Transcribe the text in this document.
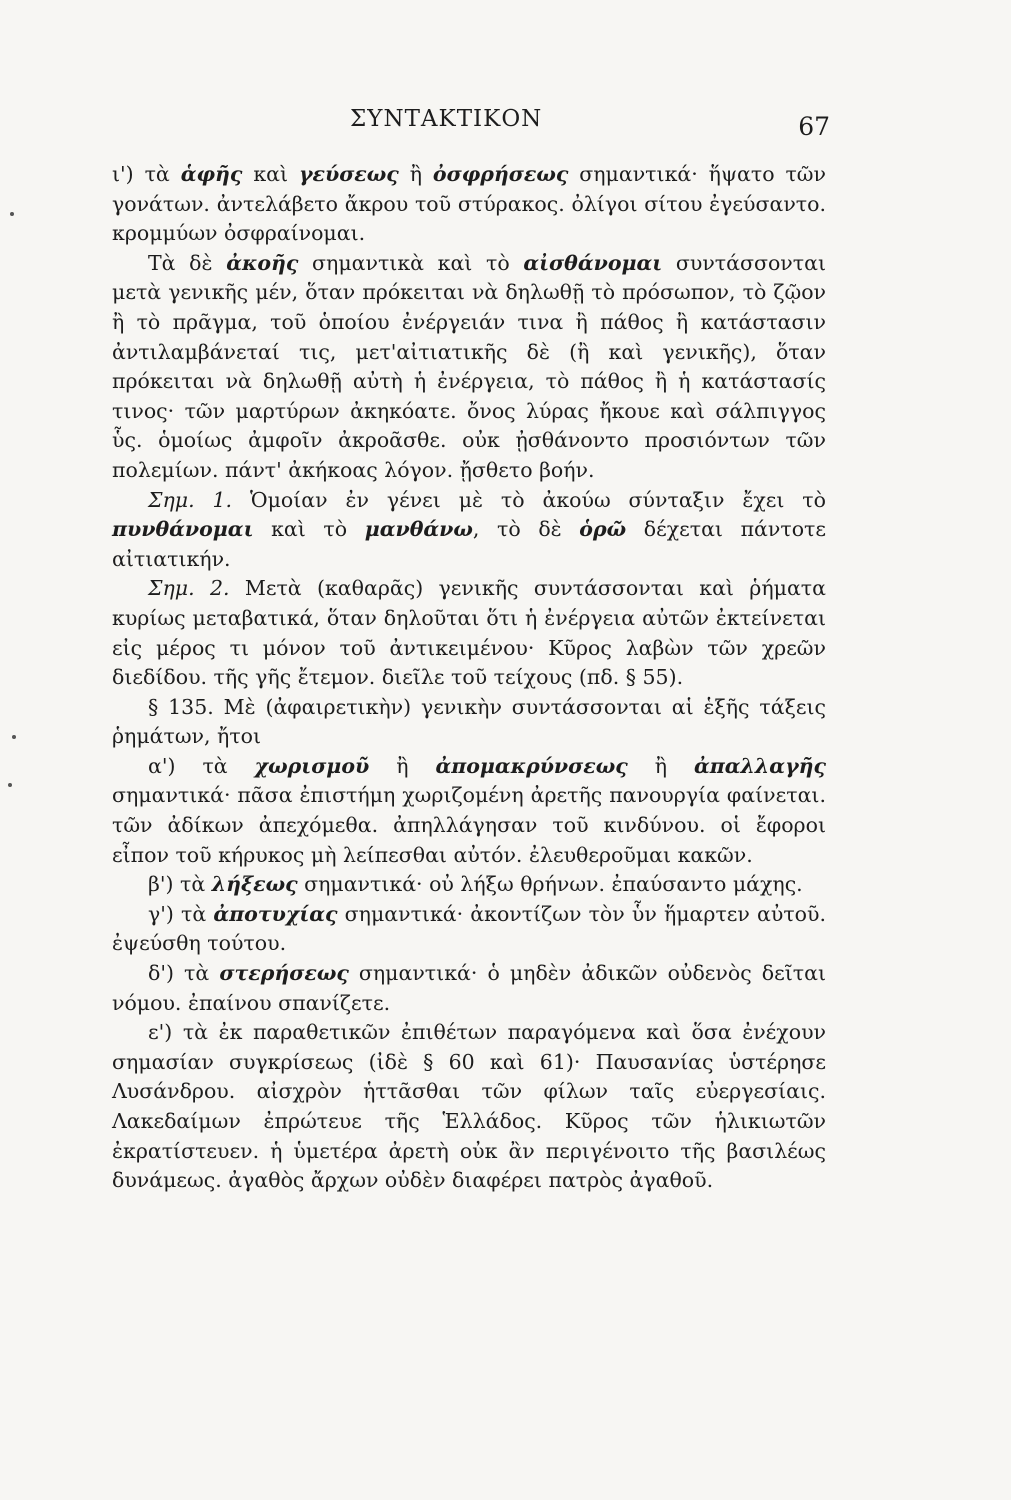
ΣΥΝΤΑΚΤΙΚΟΝ	67

ι') τὰ ἁφῆς καὶ γεύσεως ἢ ὀσφρήσεως σημαντικά· ἥψατο τῶν γονάτων. ἀντελάβετο ἄκρου τοῦ στύρακος. ὀλίγοι σίτου ἐγεύσαντο. κρομμύων ὀσφραίνομαι.

Τὰ δὲ ἀκοῆς σημαντικὰ καὶ τὸ αἰσθάνομαι συντάσσονται μετὰ γενικῆς μέν, ὅταν πρόκειται νὰ δηλωθῇ τὸ πρόσωπον, τὸ ζῷον ἢ τὸ πρᾶγμα, τοῦ ὁποίου ἐνέργειάν τινα ἢ πάθος ἢ κατάστασιν ἀντιλαμβάνεταί τις, μετ'αἰτιατικῆς δὲ (ἢ καὶ γενικῆς), ὅταν πρόκειται νὰ δηλωθῇ αὐτὴ ἡ ἐνέργεια, τὸ πάθος ἢ ἡ κατάστασίς τινος· τῶν μαρτύρων ἀκηκόατε. ὄνος λύρας ἤκουε καὶ σάλπιγγος ὗς. ὁμοίως ἀμφοῖν ἀκροᾶσθε. οὐκ ᾐσθάνοντο προσιόντων τῶν πολεμίων. πάντ' ἀκήκοας λόγον. ᾔσθετο βοήν.

Σημ. 1. Ὁμοίαν ἐν γένει μὲ τὸ ἀκούω σύνταξιν ἔχει τὸ πυνθάνομαι καὶ τὸ μανθάνω, τὸ δὲ ὁρῶ δέχεται πάντοτε αἰτιατικήν.

Σημ. 2. Μετὰ (καθαρᾶς) γενικῆς συντάσσονται καὶ ῥήματα κυρίως μεταβατικά, ὅταν δηλοῦται ὅτι ἡ ἐνέργεια αὐτῶν ἐκτείνεται εἰς μέρος τι μόνον τοῦ ἀντικειμένου· Κῦρος λαβὼν τῶν χρεῶν διεδίδου. τῆς γῆς ἔτεμον. διεῖλε τοῦ τείχους (πδ. § 55).

§ 135. Μὲ (ἀφαιρετικὴν) γενικὴν συντάσσονται αἱ ἑξῆς τάξεις ῥημάτων, ἤτοι

α') τὰ χωρισμοῦ ἢ ἀπομακρύνσεως ἢ ἀπαλλαγῆς σημαντικά· πᾶσα ἐπιστήμη χωριζομένη ἀρετῆς πανουργία φαίνεται. τῶν ἀδίκων ἀπεχόμεθα. ἀπηλλάγησαν τοῦ κινδύνου. οἱ ἔφοροι εἶπον τοῦ κήρυκος μὴ λείπεσθαι αὐτόν. ἐλευθεροῦμαι κακῶν.

β') τὰ λήξεως σημαντικά· οὐ λήξω θρήνων. ἐπαύσαντο μάχης.

γ') τὰ ἀποτυχίας σημαντικά· ἀκοντίζων τὸν ὗν ἥμαρτεν αὐτοῦ. ἐψεύσθη τούτου.

δ') τὰ στερήσεως σημαντικά· ὁ μηδὲν ἀδικῶν οὐδενὸς δεῖται νόμου. ἐπαίνου σπανίζετε.

ε') τὰ ἐκ παραθετικῶν ἐπιθέτων παραγόμενα καὶ ὅσα ἐνέχουν σημασίαν συγκρίσεως (ἰδὲ § 60 καὶ 61)· Παυσανίας ὑστέρησε Λυσάνδρου. αἰσχρὸν ἡττᾶσθαι τῶν φίλων ταῖς εὐεργεσίαις. Λακεδαίμων ἐπρώτευε τῆς Ἑλλάδος. Κῦρος τῶν ἡλικιωτῶν ἐκρατίστευεν. ἡ ὑμετέρα ἀρετὴ οὐκ ἂν περιγένοιτο τῆς βασιλέως δυνάμεως. ἀγαθὸς ἄρχων οὐδὲν διαφέρει πατρὸς ἀγαθοῦ.
